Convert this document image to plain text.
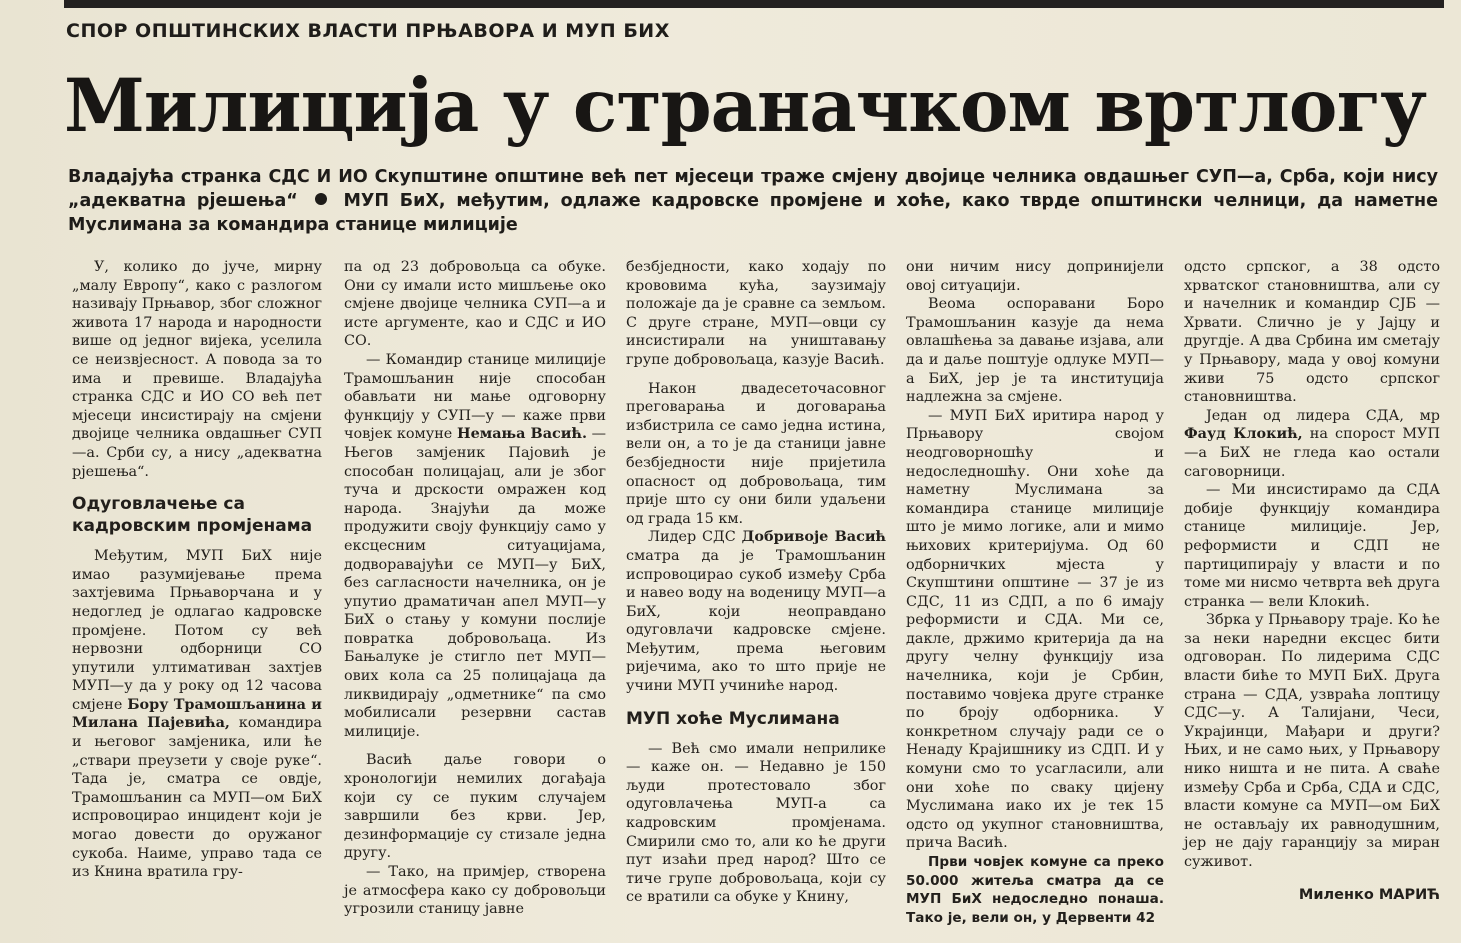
СПОР ОПШТИНСКИХ ВЛАСТИ ПРЊАВОРА И МУП БИХ
Милиција у страначком вртлогу
Владајућа странка СДС И ИО Скупштине општине већ пет мјесеци траже смјену двојице челника овдашњег СУП—а, Срба, који нису „адекватна рјешења“	МУП БиХ, међутим, одлаже кадровске промјене и хоће, како тврде општински челници, да наметне Муслимана за командира станице милиције

У, колико до јуче, мирну „малу Европу“, како с разлогом називају Прњавор, због сложног живота 17 народа и народности више од једног вијека, уселила се неизвјесност. А повода за то има и превише. Владајућа странка СДС и ИО СО већ пет мјесеци инсистирају на смјени двојице челника овдашњег СУП—а. Срби су, а нису „адекватна рјешења“.

Одуговлачење са кадровским промјенама

Међутим, МУП БиХ није имао разумијевање према захтјевима Прњаворчана и у недоглед је одлагао кадровске промјене. Потом су већ нервозни одборници СО упутили ултимативан захтјев МУП—у да у року од 12 часова смјене Бору Трамошљанина и Милана Пајевића, командира и његовог замјеника, или ће „ствари преузети у своје руке“. Тада је, сматра се овдје, Трамошљанин са МУП—ом БиХ испровоцирао инцидент који је могао довести до оружаног сукоба. Наиме, управо тада се из Книна вратила гру-

па од 23 добровољца са обуке. Они су имали исто мишљење око смјене двојице челника СУП—а и исте аргументе, као и СДС и ИО СО.

— Командир станице милиције Трамошљанин није способан обављати ни мање одговорну функцију у СУП—у — каже први човјек комуне Немања Васић. — Његов замјеник Пајовић је способан полицајац, али је због туча и дрскости омражен код народа. Знајући да може продужити своју функцију само у ексцесним ситуацијама, додворавајући се МУП—у БиХ, без сагласности начелника, он је упутио драматичан апел МУП—у БиХ о стању у комуни послије повратка добровољаца. Из Бањалуке је стигло пет МУП—ових кола са 25 полицајаца да ликвидирају „одметнике“ па смо мобилисали резервни састав милиције.

Васић даље говори о хронологији немилих догађаја који су се пуким случајем завршили без крви. Јер, дезинформације су стизале једна другу.

— Тако, на примјер, створена је атмосфера како су добровољци угрозили станицу јавне

безбједности, како ходају по крововима кућа, заузимају положаје да је сравне са земљом. С друге стране, МУП—овци су инсистирали на уништавању групе добровољаца, казује Васић.

Након двадесеточасовног преговарања и договарања избистрила се само једна истина, вели он, а то је да станици јавне безбједности није пријетила опасност од добровољаца, тим прије што су они били удаљени од града 15 км.

Лидер СДС Добривоје Васић сматра да је Трамошљанин испровоцирао сукоб између Срба и навео воду на воденицу МУП—а БиХ, који неоправдано одуговлачи кадровске смјене. Међутим, према његовим ријечима, ако то што прије не учини МУП учиниће народ.

МУП хоће Муслимана

— Већ смо имали неприлике — каже он. — Недавно је 150 људи протестовало због одуговлачења МУП-а са кадровским промјенама. Смирили смо то, али ко ће други пут изаћи пред народ? Што се тиче групе добровољаца, који су се вратили са обуке у Книну,

они ничим нису допринијели овој ситуацији.

Веома оспоравани Боро Трамошљанин казује да нема овлашћења за давање изјава, али да и даље поштује одлуке МУП—а БиХ, јер је та институција надлежна за смјене.

— МУП БиХ иритира народ у Прњавору својом неодговорношћу и недоследношћу. Они хоће да наметну Муслимана за командира станице милиције што је мимо логике, али и мимо њихових критеријума. Од 60 одборничких мјеста у Скупштини општине — 37 је из СДС, 11 из СДП, а по 6 имају реформисти и СДА. Ми се, дакле, држимо критерија да на другу челну функцију иза начелника, који је Србин, поставимо човјека друге странке по броју одборника. У конкретном случају ради се о Ненаду Крајишнику из СДП. И у комуни смо то усагласили, али они хоће по сваку цијену Муслимана иако их је тек 15 одсто од укупног становништва, прича Васић.

Први човјек комуне са преко 50.000 житеља сматра да се МУП БиХ недоследно понаша. Тако је, вели он, у Дервенти 42

одсто српског, а 38 одсто хрватског становништва, али су и начелник и командир СЈБ — Хрвати. Слично је у Јајцу и другдје. А два Србина им сметају у Прњавору, мада у овој комуни живи 75 одсто српског становништва.

Један од лидера СДА, мр Фауд Клокић, на спорост МУП—а БиХ не гледа као остали саговорници.

— Ми инсистирамо да СДА добије функцију командира станице милиције. Јер, реформисти и СДП не партиципирају у власти и по томе ми нисмо четврта већ друга странка — вели Клокић.

Збрка у Прњавору траје. Ко ће за неки наредни ексцес бити одговоран. По лидерима СДС власти биће то МУП БиХ. Друга страна — СДА, узвраћа лоптицу СДС—у. А Талијани, Чеси, Украјинци, Мађари и други? Њих, и не само њих, у Прњавору нико ништа и не пита. А сваће између Срба и Срба, СДА и СДС, власти комуне са МУП—ом БиХ не остављају их равнодушним, јер не дају гаранцију за миран суживот.

Миленко МАРИЋ
